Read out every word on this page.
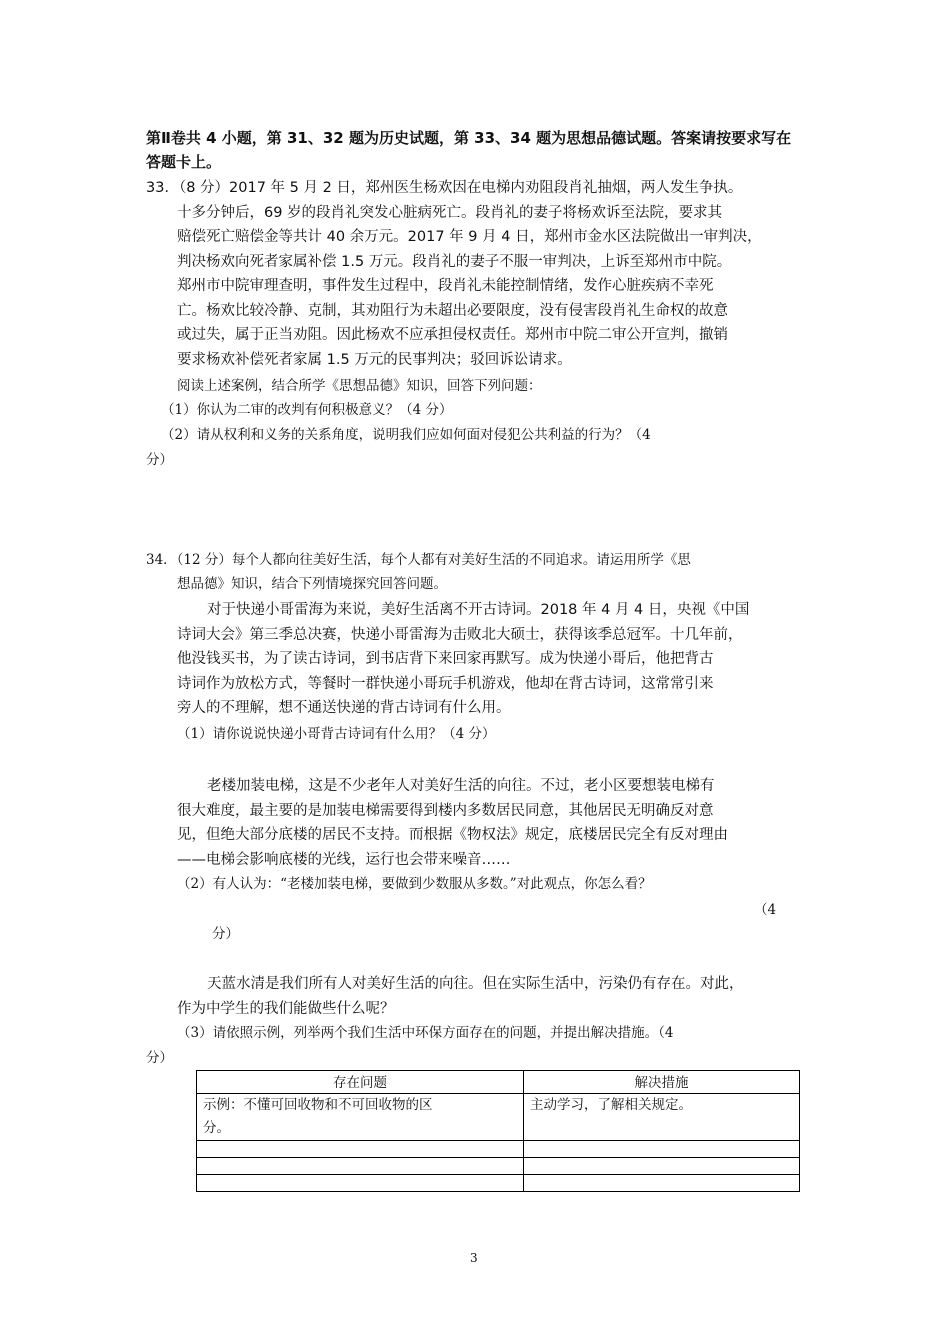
第Ⅱ卷共 4 小题，第 31、32 题为历史试题，第 33、34 题为思想品德试题。答案请按要求写在
答题卡上。
33．（8 分）2017 年 5 月 2 日，郑州医生杨欢因在电梯内劝阻段肖礼抽烟，两人发生争执。
十多分钟后，69 岁的段肖礼突发心脏病死亡。段肖礼的妻子将杨欢诉至法院，要求其
赔偿死亡赔偿金等共计 40 余万元。2017 年 9 月 4 日，郑州市金水区法院做出一审判决，
判决杨欢向死者家属补偿 1.5 万元。段肖礼的妻子不服一审判决，上诉至郑州市中院。
郑州市中院审理查明，事件发生过程中，段肖礼未能控制情绪，发作心脏疾病不幸死
亡。杨欢比较冷静、克制，其劝阻行为未超出必要限度，没有侵害段肖礼生命权的故意
或过失，属于正当劝阻。因此杨欢不应承担侵权责任。郑州市中院二审公开宣判，撤销
要求杨欢补偿死者家属 1.5 万元的民事判决；驳回诉讼请求。
阅读上述案例，结合所学《思想品德》知识，回答下列问题：
（1）你认为二审的改判有何积极意义？（4 分）
（2）请从权利和义务的关系角度，说明我们应如何面对侵犯公共利益的行为？（4
分）
34．（12 分）每个人都向往美好生活，每个人都有对美好生活的不同追求。请运用所学《思
想品德》知识，结合下列情境探究回答问题。
对于快递小哥雷海为来说，美好生活离不开古诗词。2018 年 4 月 4 日，央视《中国
诗词大会》第三季总决赛，快递小哥雷海为击败北大硕士，获得该季总冠军。十几年前，
他没钱买书，为了读古诗词，到书店背下来回家再默写。成为快递小哥后，他把背古
诗词作为放松方式，等餐时一群快递小哥玩手机游戏，他却在背古诗词，这常常引来
旁人的不理解，想不通送快递的背古诗词有什么用。
（1）请你说说快递小哥背古诗词有什么用？（4 分）
老楼加装电梯，这是不少老年人对美好生活的向往。不过，老小区要想装电梯有
很大难度，最主要的是加装电梯需要得到楼内多数居民同意，其他居民无明确反对意
见，但绝大部分底楼的居民不支持。而根据《物权法》规定，底楼居民完全有反对理由
——电梯会影响底楼的光线，运行也会带来噪音……
（2）有人认为：“老楼加装电梯，要做到少数服从多数。”对此观点，你怎么看？
（4
分）
天蓝水清是我们所有人对美好生活的向往。但在实际生活中，污染仍有存在。对此，
作为中学生的我们能做些什么呢？
（3）请依照示例，列举两个我们生活中环保方面存在的问题，并提出解决措施。（4
分）
存在问题	解决措施

示例：不懂可回收物和不可回收物的区
分。	主动学习，了解相关规定。

3
